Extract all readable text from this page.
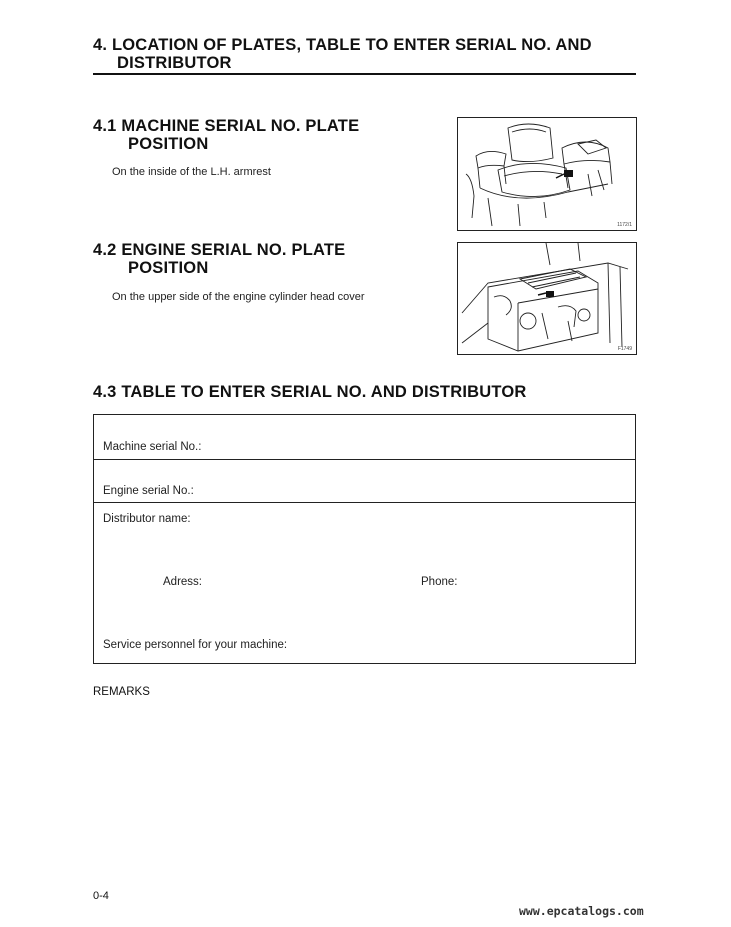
4. LOCATION OF PLATES, TABLE TO ENTER SERIAL NO. AND
DISTRIBUTOR
4.1 MACHINE SERIAL NO. PLATE
POSITION
On the inside of the L.H. armrest
1172/1
4.2 ENGINE SERIAL NO. PLATE
POSITION
On the upper side of the engine cylinder head cover
F1749
4.3 TABLE TO ENTER SERIAL NO. AND DISTRIBUTOR
Machine serial No.:
Engine serial No.:
Distributor name:
Adress:	Phone:
Service personnel for your machine:
REMARKS
0-4
www.epcatalogs.com
